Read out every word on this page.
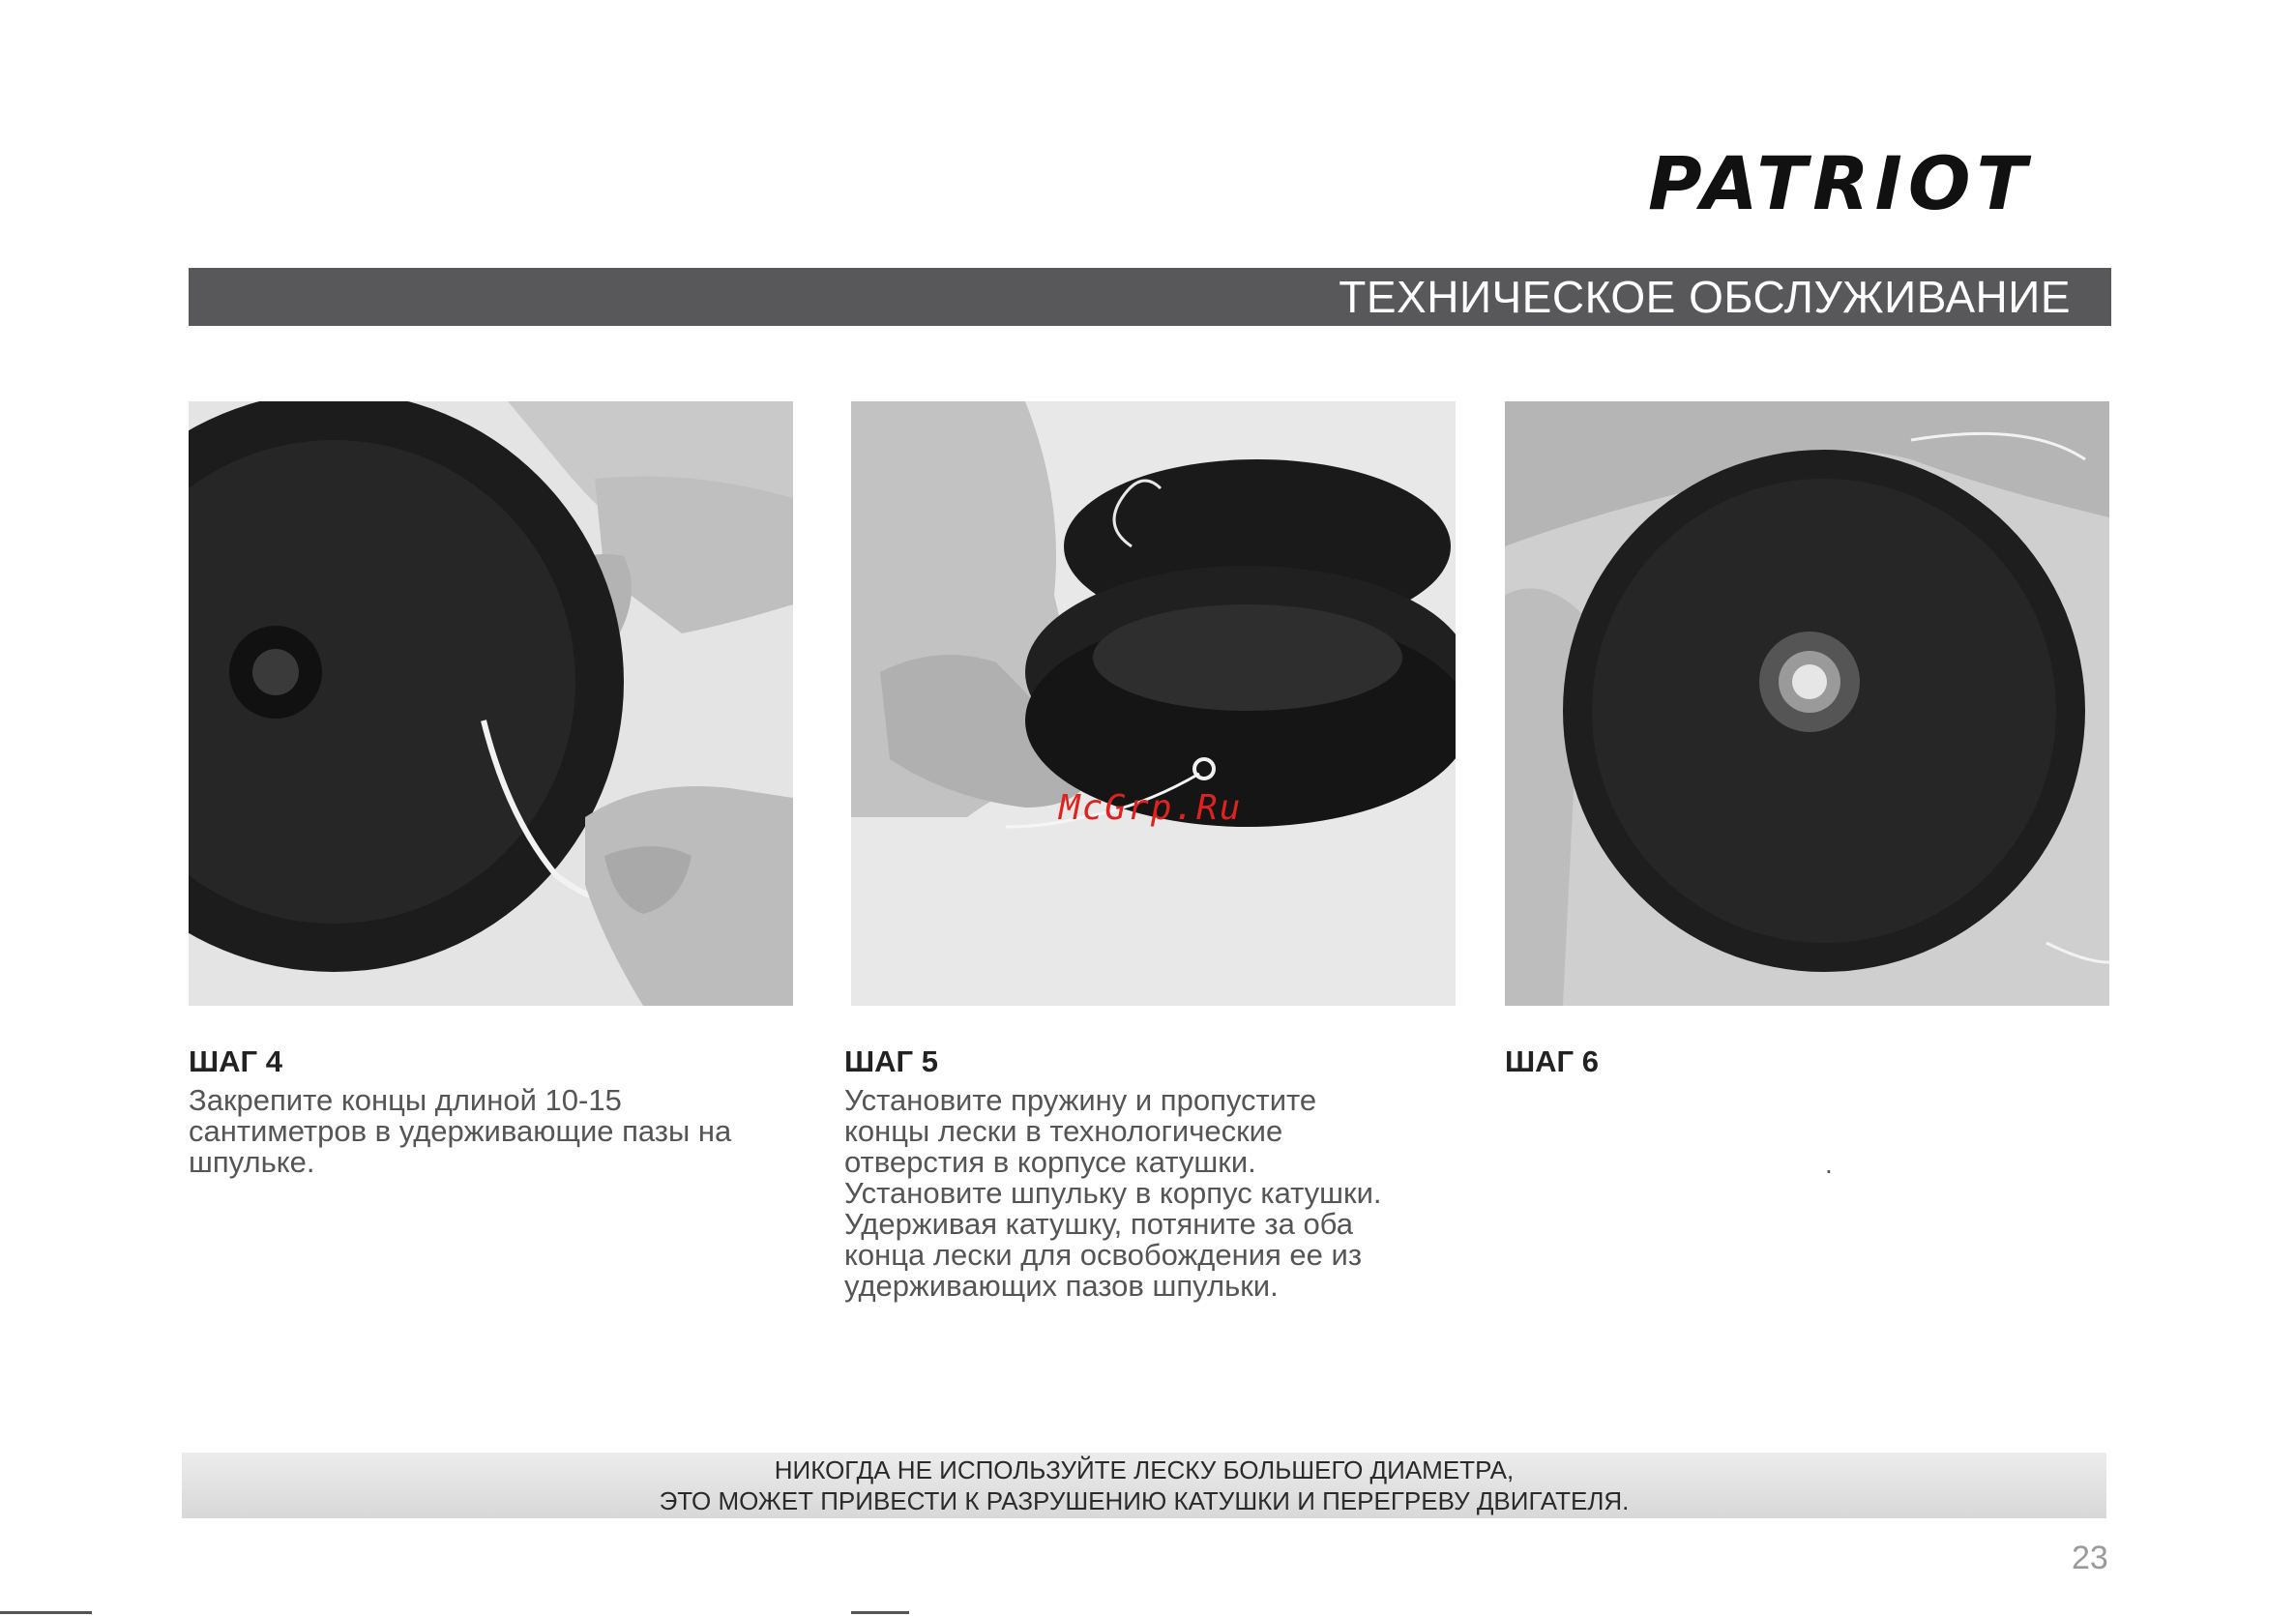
PATRIOT
ТЕХНИЧЕСКОЕ ОБСЛУЖИВАНИЕ
McGrp.Ru

ШАГ 4

Закрепите концы длиной 10-15
сантиметров в удерживающие пазы на
шпульке.

ШАГ 5

Установите пружину и пропустите
концы лески в технологические
отверстия в корпусе катушки.
Установите шпульку в корпус катушки.
Удерживая катушку, потяните за оба
конца лески для освобождения ее из
удерживающих пазов шпульки.

ШАГ 6

.
НИКОГДА НЕ ИСПОЛЬЗУЙТЕ ЛЕСКУ БОЛЬШЕГО ДИАМЕТРА,
ЭТО МОЖЕТ ПРИВЕСТИ К РАЗРУШЕНИЮ КАТУШКИ И ПЕРЕГРЕВУ ДВИГАТЕЛЯ.
23
